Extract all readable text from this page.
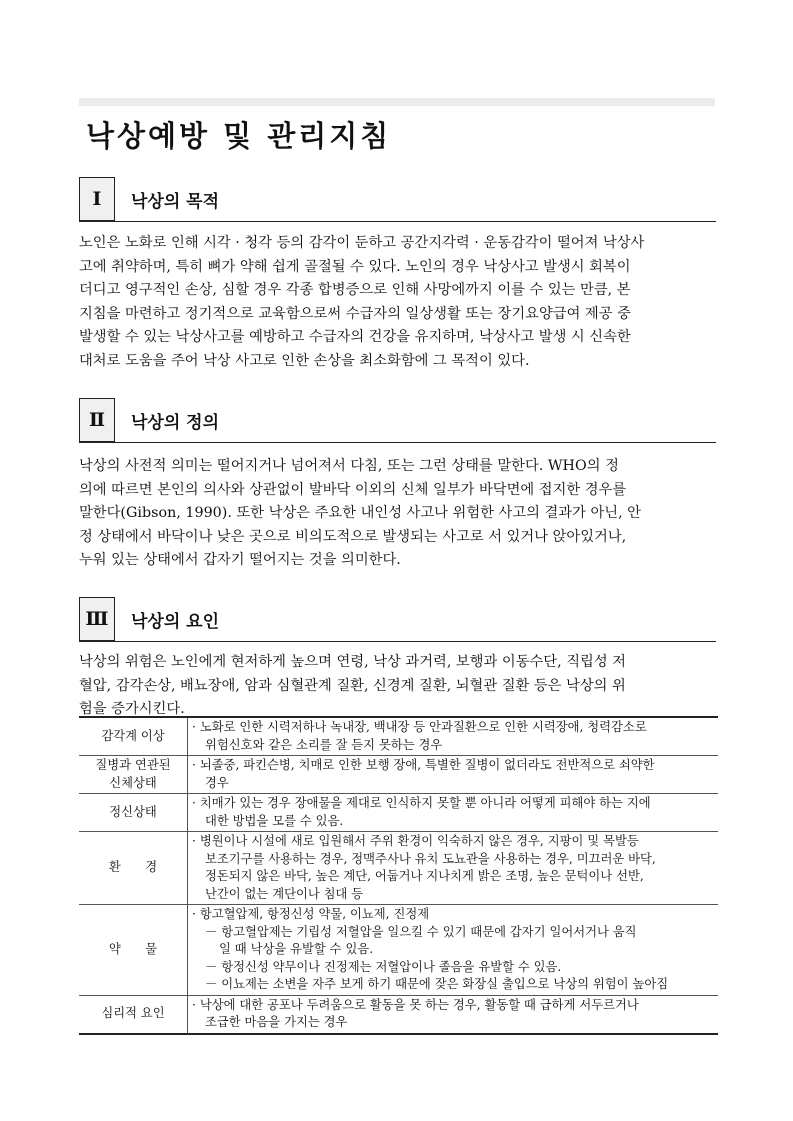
낙상예방 및 관리지침
Ⅰ	낙상의 목적
노인은 노화로 인해 시각 · 청각 등의 감각이 둔하고 공간지각력 · 운동감각이 떨어져 낙상사
고에 취약하며, 특히 뼈가 약해 쉽게 골절될 수 있다. 노인의 경우 낙상사고 발생시 회복이
더디고 영구적인 손상, 심할 경우 각종 합병증으로 인해 사망에까지 이를 수 있는 만큼, 본
지침을 마련하고 정기적으로 교육함으로써 수급자의 일상생활 또는 장기요양급여 제공 중
발생할 수 있는 낙상사고를 예방하고 수급자의 건강을 유지하며, 낙상사고 발생 시 신속한
대처로 도움을 주어 낙상 사고로 인한 손상을 최소화함에 그 목적이 있다.
Ⅱ	낙상의 정의
낙상의 사전적 의미는 떨어지거나 넘어져서 다침, 또는 그런 상태를 말한다. WHO의 정
의에 따르면 본인의 의사와 상관없이 발바닥 이외의 신체 일부가 바닥면에 접지한 경우를
말한다(Gibson, 1990). 또한 낙상은 주요한 내인성 사고나 위험한 사고의 결과가 아닌, 안
정 상태에서 바닥이나 낮은 곳으로 비의도적으로 발생되는 사고로 서 있거나 앉아있거나,
누워 있는 상태에서 갑자기 떨어지는 것을 의미한다.
Ⅲ	낙상의 요인
낙상의 위험은 노인에게 현저하게 높으며 연령, 낙상 과거력, 보행과 이동수단, 직립성 저
혈압, 감각손상, 배뇨장애, 암과 심혈관계 질환, 신경계 질환, 뇌혈관 질환 등은 낙상의 위
험을 증가시킨다.
감각계 이상	· 노화로 인한 시력저하나 녹내장, 백내장 등 안과질환으로 인한 시력장애, 청력감소로
위험신호와 같은 소리를 잘 듣지 못하는 경우

질병과 연관된
신체상태	· 뇌졸중, 파킨슨병, 치매로 인한 보행 장애, 특별한 질병이 없더라도 전반적으로 쇠약한
경우

정신상태	· 치매가 있는 경우 장애물을 제대로 인식하지 못할 뿐 아니라 어떻게 피해야 하는 지에
대한 방법을 모를 수 있음.

환　　경	· 병원이나 시설에 새로 입원해서 주위 환경이 익숙하지 않은 경우, 지팡이 및 목발등
보조기구를 사용하는 경우, 정맥주사나 유치 도뇨관을 사용하는 경우, 미끄러운 바닥,
정돈되지 않은 바닥, 높은 계단, 어둡거나 지나치게 밝은 조명, 높은 문턱이나 선반,
난간이 없는 계단이나 침대 등

약　　물	· 항고혈압제, 항정신성 약물, 이뇨제, 진정제
－ 항고혈압제는 기립성 저혈압을 일으킬 수 있기 때문에 갑자기 일어서거나 움직
일 때 낙상을 유발할 수 있음.
－ 항정신성 약무이나 진정제는 저혈압이나 졸음을 유발할 수 있음.
－ 이뇨제는 소변을 자주 보게 하기 때문에 잦은 화장실 출입으로 낙상의 위험이 높아짐

심리적 요인	· 낙상에 대한 공포나 두려움으로 활동을 못 하는 경우, 활동할 때 급하게 서두르거나
조급한 마음을 가지는 경우
